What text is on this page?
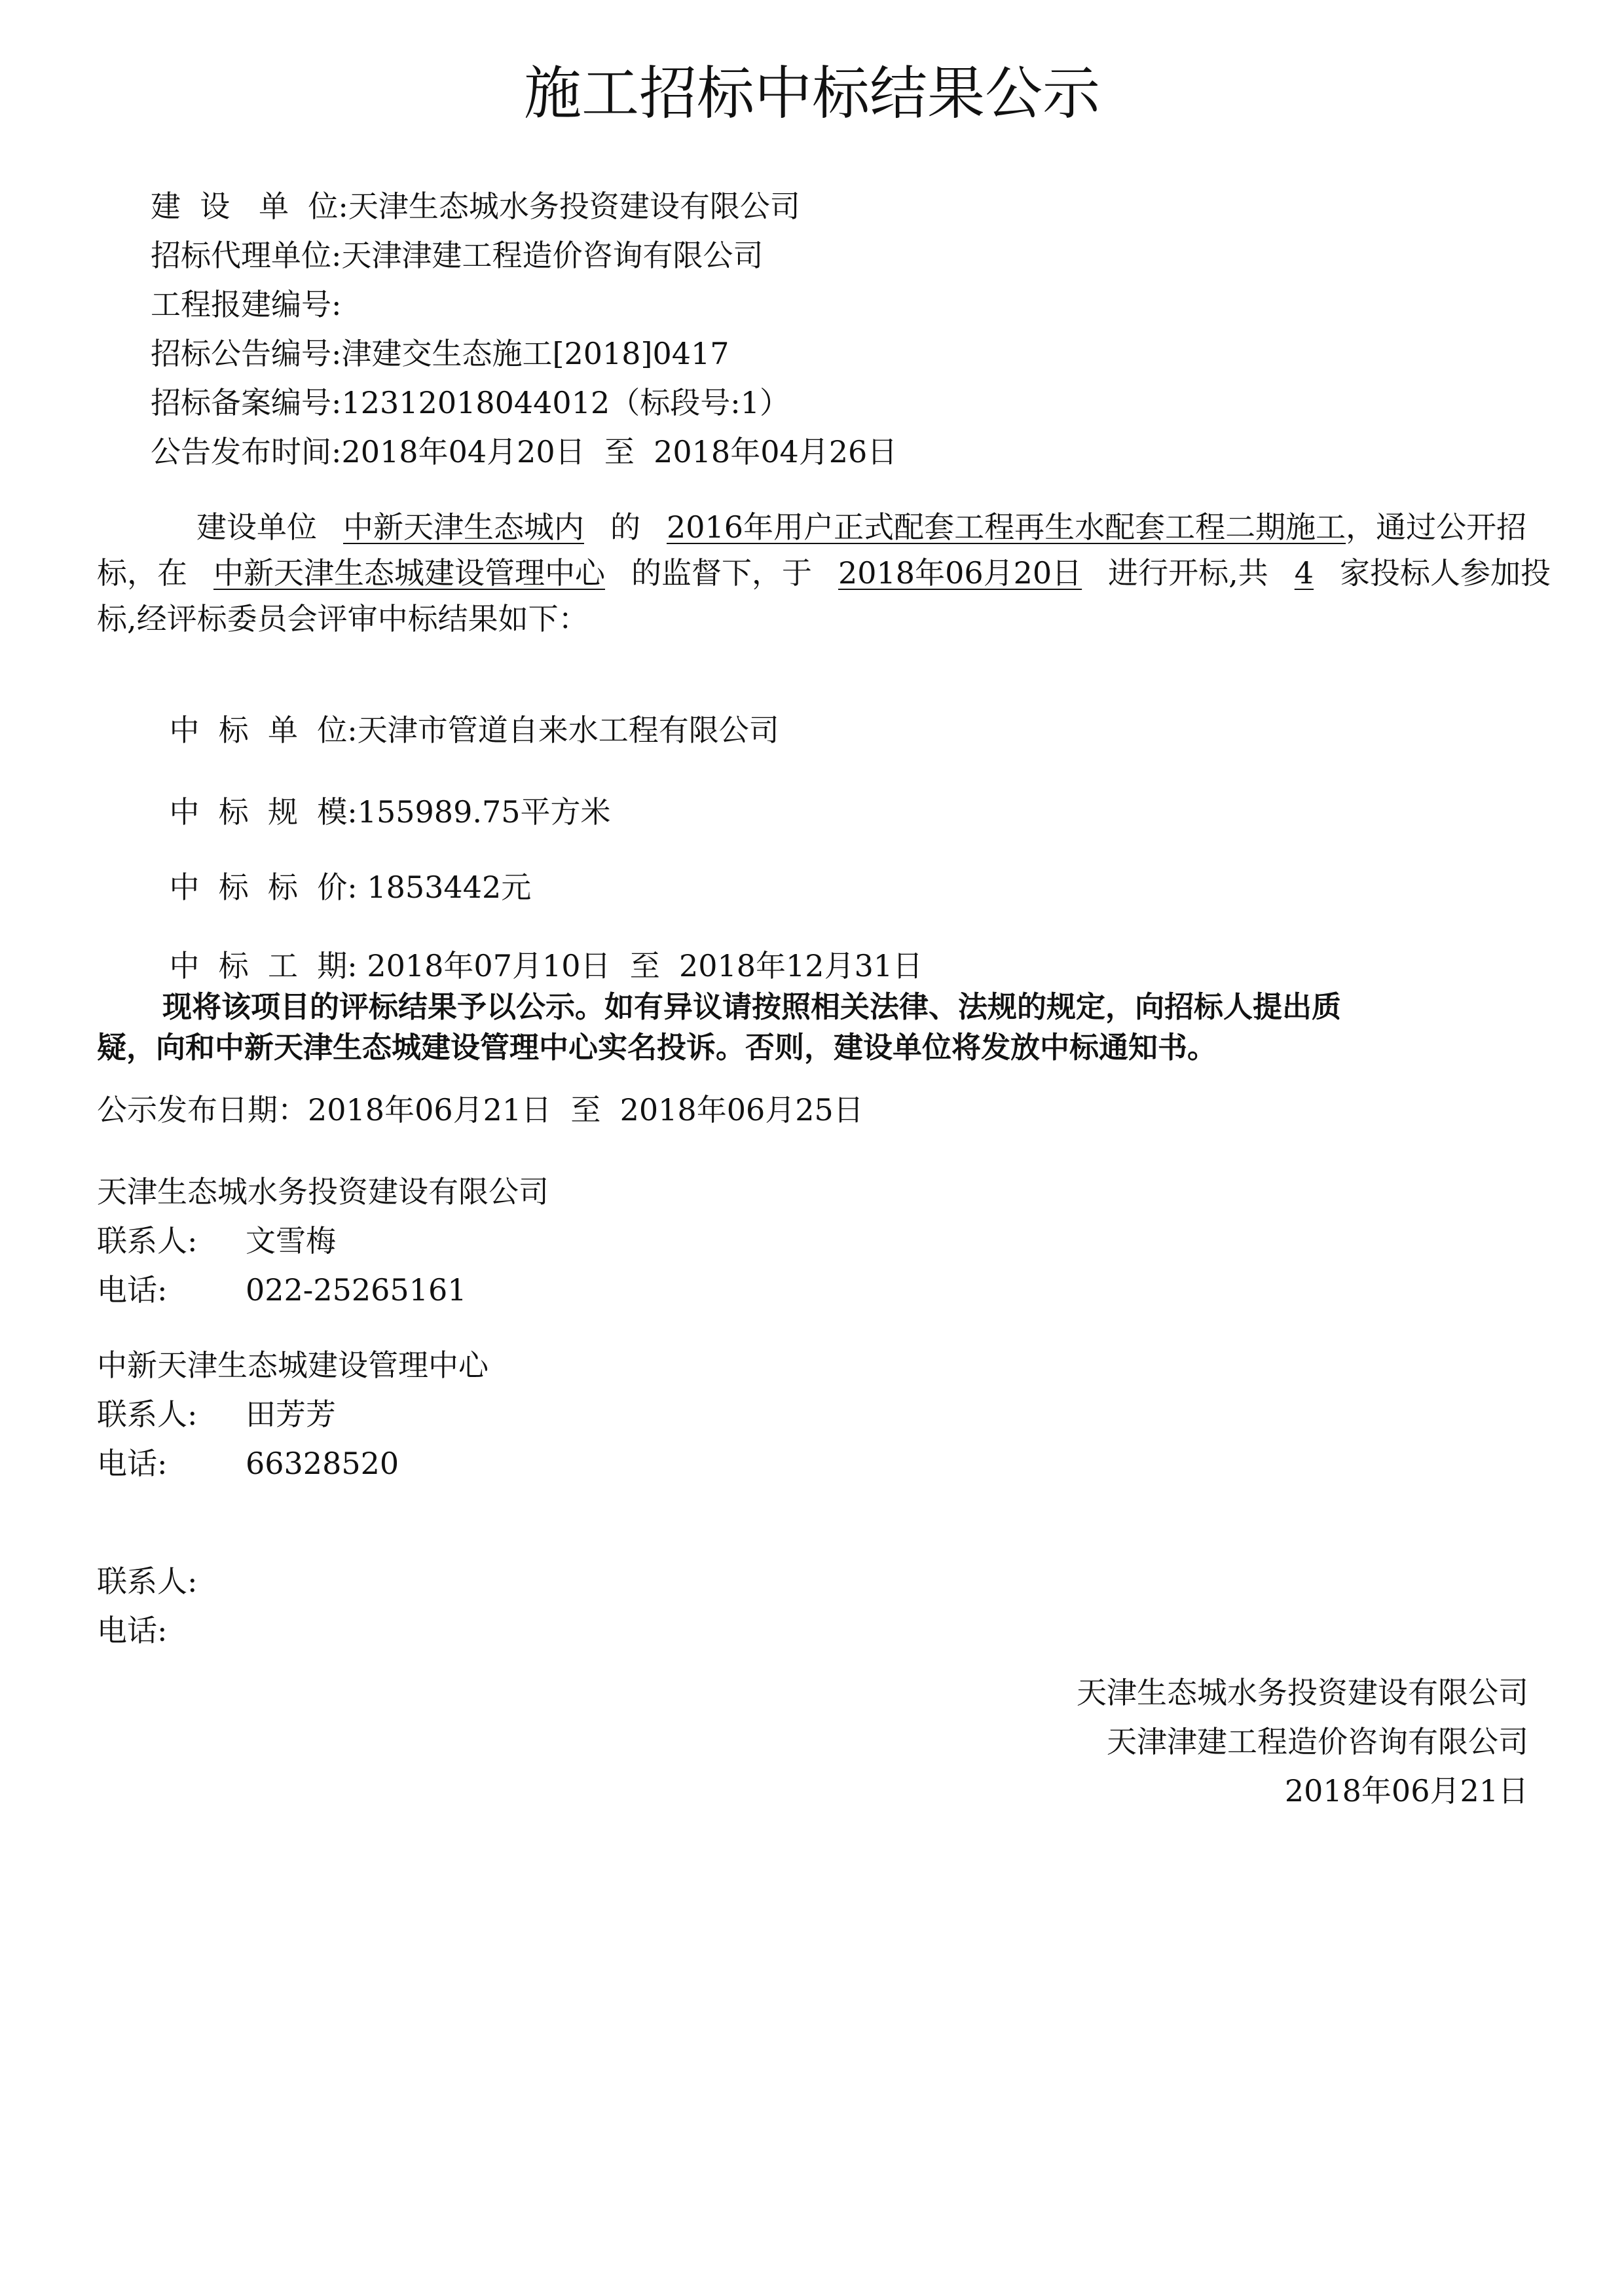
施工招标中标结果公示
建  设   单  位:天津生态城水务投资建设有限公司
招标代理单位:天津津建工程造价咨询有限公司
工程报建编号:
招标公告编号:津建交生态施工[2018]0417
招标备案编号:12312018044012（标段号:1）
公告发布时间:2018年04月20日  至  2018年04月26日
建设单位 中新天津生态城内 的 2016年用户正式配套工程再生水配套工程二期施工，通过公开招
标，在 中新天津生态城建设管理中心 的监督下，于 2018年06月20日 进行开标,共 4 家投标人参加投
标,经评标委员会评审中标结果如下：

中  标  单  位:天津市管道自来水工程有限公司

中  标  规  模:155989.75平方米

中  标  标  价: 1853442元

中  标  工  期: 2018年07月10日  至  2018年12月31日

现将该项目的评标结果予以公示。如有异议请按照相关法律、法规的规定，向招标人提出质
疑，向和中新天津生态城建设管理中心实名投诉。否则，建设单位将发放中标通知书。
公示发布日期：2018年06月21日  至  2018年06月25日
天津生态城水务投资建设有限公司
联系人: 文雪梅
电话:	022-25265161
中新天津生态城建设管理中心
联系人: 田芳芳
电话:	66328520
联系人:
电话:
天津生态城水务投资建设有限公司
天津津建工程造价咨询有限公司
2018年06月21日
